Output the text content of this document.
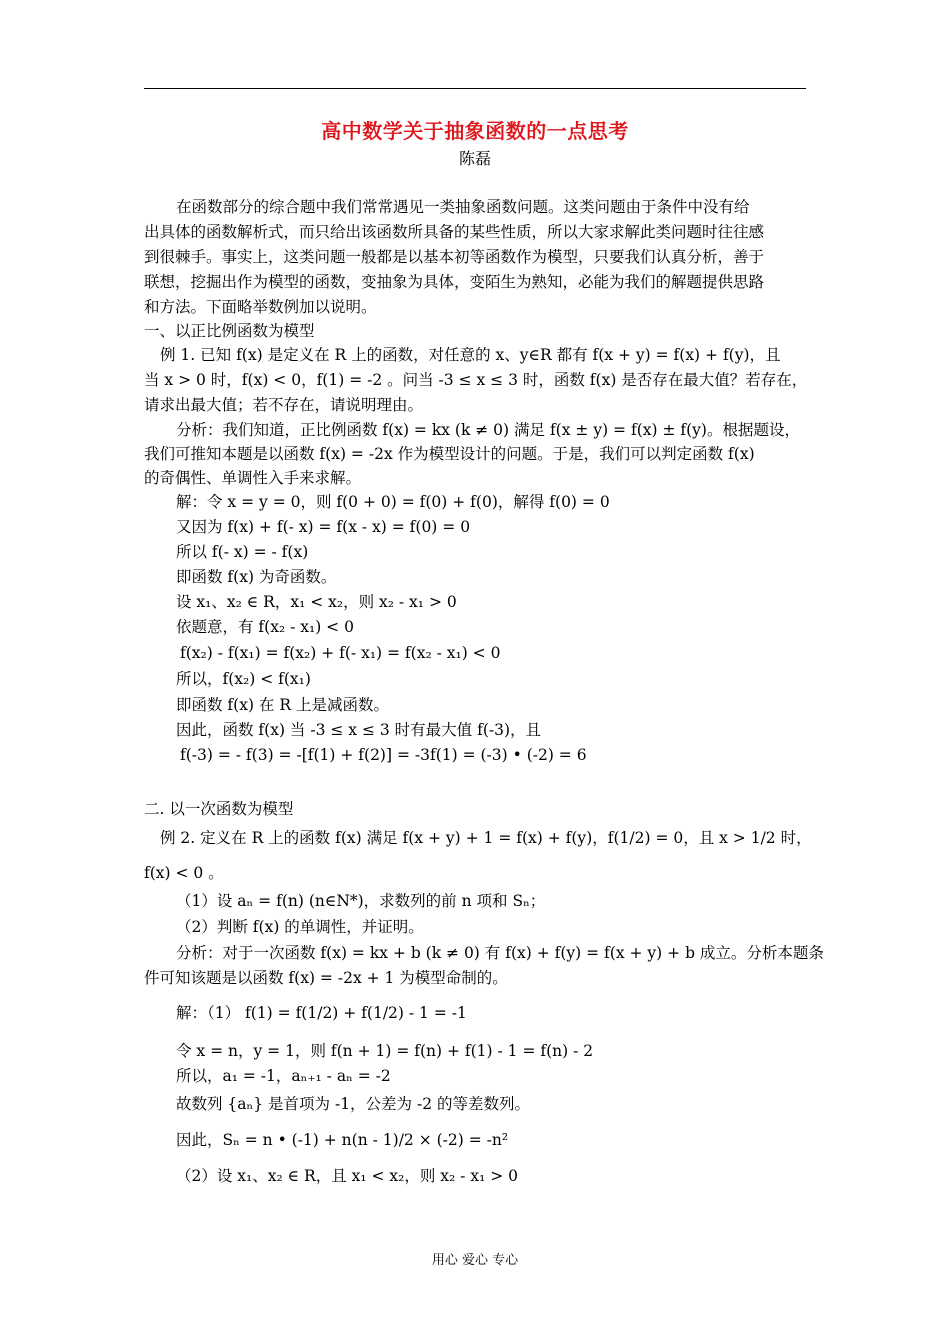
高中数学关于抽象函数的一点思考
陈磊
在函数部分的综合题中我们常常遇见一类抽象函数问题。这类问题由于条件中没有给
出具体的函数解析式，而只给出该函数所具备的某些性质，所以大家求解此类问题时往往感
到很棘手。事实上，这类问题一般都是以基本初等函数作为模型，只要我们认真分析，善于
联想，挖掘出作为模型的函数，变抽象为具体，变陌生为熟知，必能为我们的解题提供思路
和方法。下面略举数例加以说明。
一、以正比例函数为模型
例 1. 已知 f(x) 是定义在 R 上的函数，对任意的 x、y∈R 都有 f(x + y) = f(x) + f(y)，且
当 x > 0 时，f(x) < 0，f(1) = -2 。问当 -3 ≤ x ≤ 3 时，函数 f(x) 是否存在最大值？若存在，
请求出最大值；若不存在，请说明理由。
分析：我们知道，正比例函数 f(x) = kx (k ≠ 0) 满足 f(x ± y) = f(x) ± f(y)。根据题设，
我们可推知本题是以函数 f(x) = -2x 作为模型设计的问题。于是，我们可以判定函数 f(x)
的奇偶性、单调性入手来求解。
解：令 x = y = 0，则 f(0 + 0) = f(0) + f(0)，解得 f(0) = 0
又因为 f(x) + f(- x) = f(x - x) = f(0) = 0
所以 f(- x) = - f(x)
即函数 f(x) 为奇函数。
设 x₁、x₂ ∈ R，x₁ < x₂，则 x₂ - x₁ > 0
依题意，有 f(x₂ - x₁) < 0
f(x₂) - f(x₁) = f(x₂) + f(- x₁) = f(x₂ - x₁) < 0
所以，f(x₂) < f(x₁)
即函数 f(x) 在 R 上是减函数。
因此，函数 f(x) 当 -3 ≤ x ≤ 3 时有最大值 f(-3)，且
f(-3) = - f(3) = -[f(1) + f(2)] = -3f(1) = (-3) • (-2) = 6
二. 以一次函数为模型
例 2. 定义在 R 上的函数 f(x) 满足 f(x + y) + 1 = f(x) + f(y)，f(1/2) = 0，且 x > 1/2 时，
f(x) < 0 。
（1）设 aₙ = f(n) (n∈N*)，求数列的前 n 项和 Sₙ；
（2）判断 f(x) 的单调性，并证明。
分析：对于一次函数 f(x) = kx + b (k ≠ 0) 有 f(x) + f(y) = f(x + y) + b 成立。分析本题条
件可知该题是以函数 f(x) = -2x + 1 为模型命制的。
解：（1） f(1) = f(1/2) + f(1/2) - 1 = -1
令 x = n，y = 1，则 f(n + 1) = f(n) + f(1) - 1 = f(n) - 2
所以，a₁ = -1，aₙ₊₁ - aₙ = -2
故数列 {aₙ} 是首项为 -1，公差为 -2 的等差数列。
因此，Sₙ = n • (-1) + n(n - 1)/2 × (-2) = -n²
（2）设 x₁、x₂ ∈ R，且 x₁ < x₂，则 x₂ - x₁ > 0
用心 爱心 专心
